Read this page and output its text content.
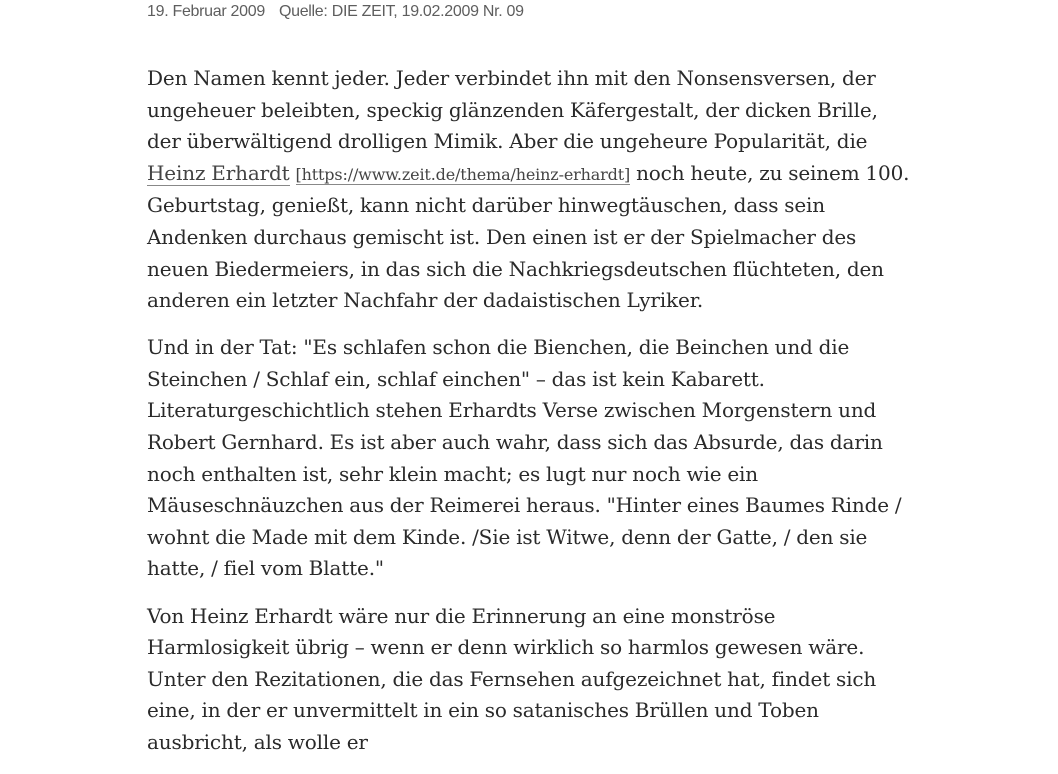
19. Februar 2009 Quelle: DIE ZEIT, 19.02.2009 Nr. 09

Den Namen kennt jeder. Jeder verbindet ihn mit den Nonsensversen, der ungeheuer beleibten, speckig glänzenden Käfergestalt, der dicken Brille, der überwältigend drolligen Mimik. Aber die ungeheure Popularität, die Heinz Erhardt [https://www.zeit.de/thema/heinz-erhardt] noch heute, zu seinem 100. Geburtstag, genießt, kann nicht darüber hinwegtäuschen, dass sein Andenken durchaus gemischt ist. Den einen ist er der Spielmacher des neuen Biedermeiers, in das sich die Nachkriegsdeutschen flüchteten, den anderen ein letzter Nachfahr der dadaistischen Lyriker.

Und in der Tat: "Es schlafen schon die Bienchen, die Beinchen und die Steinchen / Schlaf ein, schlaf einchen" – das ist kein Kabarett. Literaturgeschichtlich stehen Erhardts Verse zwischen Morgenstern und Robert Gernhard. Es ist aber auch wahr, dass sich das Absurde, das darin noch enthalten ist, sehr klein macht; es lugt nur noch wie ein Mäuseschnäuzchen aus der Reimerei heraus. "Hinter eines Baumes Rinde / wohnt die Made mit dem Kinde. /Sie ist Witwe, denn der Gatte, / den sie hatte, / fiel vom Blatte."

Von Heinz Erhardt wäre nur die Erinnerung an eine monströse Harmlosigkeit übrig – wenn er denn wirklich so harmlos gewesen wäre. Unter den Rezitationen, die das Fernsehen aufgezeichnet hat, findet sich eine, in der er unvermittelt in ein so satanisches Brüllen und Toben ausbricht, als wolle er
